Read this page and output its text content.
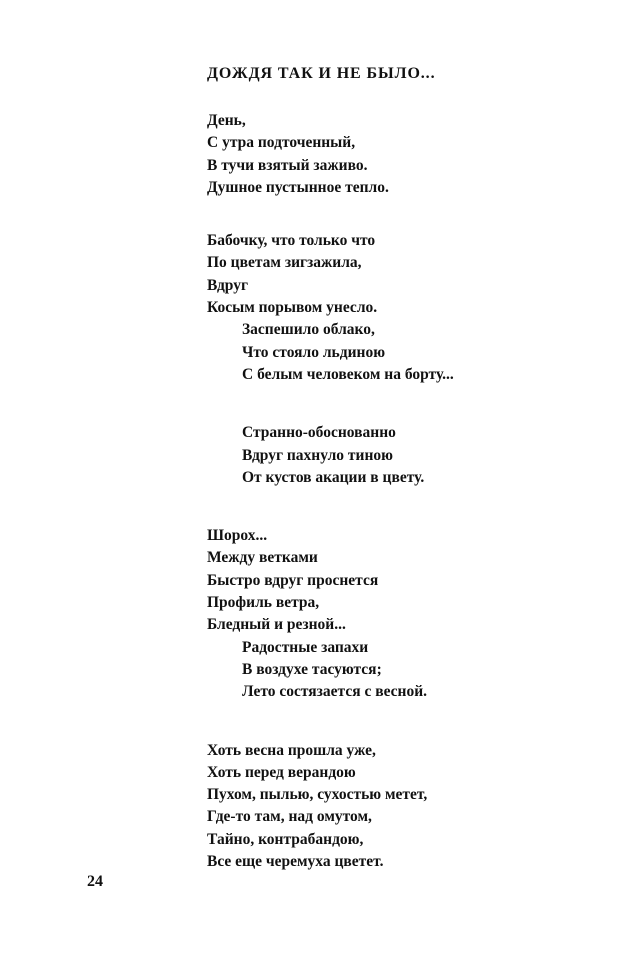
ДОЖДЯ ТАК И НЕ БЫЛО...
День,
С утра подточенный,
В тучи взятый заживо.
Душное пустынное тепло.
Бабочку, что только что
По цветам зигзажила,
Вдруг
Косым порывом унесло.
Заспешило облако,
Что стояло льдиною
С белым человеком на борту...
Странно-обоснованно
Вдруг пахнуло тиною
От кустов акации в цвету.
Шорох...
Между ветками
Быстро вдруг проснется
Профиль ветра,
Бледный и резной...
Радостные запахи
В воздухе тасуются;
Лето состязается с весной.
Хоть весна прошла уже,
Хоть перед верандою
Пухом, пылью, сухостью метет,
Где-то там, над омутом,
Тайно, контрабандою,
Все еще черемуха цветет.
24
